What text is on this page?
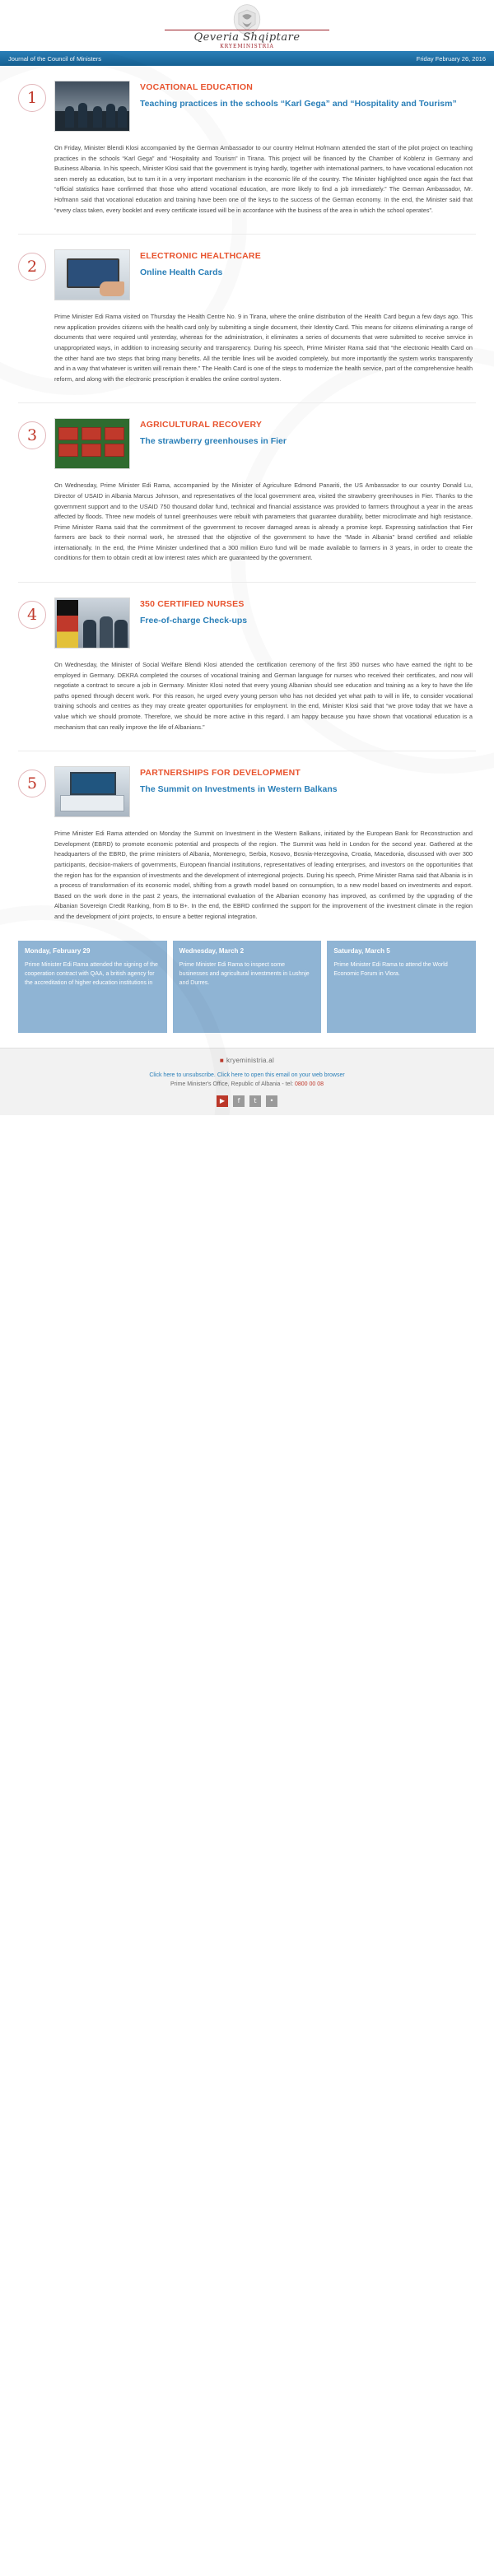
Qeveria Shqiptare
KRYEMINISTRIA
Journal of the Council of Ministers	Friday February 26, 2016
1
VOCATIONAL EDUCATION
Teaching practices in the schools “Karl Gega” and “Hospitality and Tourism”
On Friday, Minister Blendi Klosi accompanied by the German Ambassador to our country Helmut Hofmann attended the start of the pilot project on teaching practices in the schools “Karl Gega” and “Hospitality and Tourism” in Tirana. This project will be financed by the Chamber of Koblenz in Germany and Business Albania. In his speech, Minister Klosi said that the government is trying hardly, together with international partners, to have vocational education not seen merely as education, but to turn it in a very important mechanism in the economic life of the country. The Minister highlighted once again the fact that “official statistics have confirmed that those who attend vocational education, are more likely to find a job immediately.” The German Ambassador, Mr. Hofmann said that vocational education and training have been one of the keys to the success of the German economy. In the end, the Minister said that “every class taken, every booklet and every certificate issued will be in accordance with the business of the area in which the school operates”.
2
ELECTRONIC HEALTHCARE
Online Health Cards
Prime Minister Edi Rama visited on Thursday the Health Centre No. 9 in Tirana, where the online distribution of the Health Card begun a few days ago. This new application provides citizens with the health card only by submitting a single document, their Identity Card. This means for citizens eliminating a range of documents that were required until yesterday, whereas for the administration, it eliminates a series of documents that were submitted to receive service in unappropriated ways, in addition to increasing security and transparency. During his speech, Prime Minister Rama said that “the electronic Health Card on the other hand are two steps that bring many benefits. All the terrible lines will be avoided completely, but more importantly the system works transparently and in a way that whatever is written will remain there.” The Health Card is one of the steps to modernize the health service, part of the comprehensive health reform, and along with the electronic prescription it enables the online control system.
3
AGRICULTURAL RECOVERY
The strawberry greenhouses in Fier
On Wednesday, Prime Minister Edi Rama, accompanied by the Minister of Agriculture Edmond Panariti, the US Ambassador to our country Donald Lu, Director of USAID in Albania Marcus Johnson, and representatives of the local government area, visited the strawberry greenhouses in Fier. Thanks to the government support and to the USAID 750 thousand dollar fund, technical and financial assistance was provided to farmers throughout a year in the areas affected by floods. Three new models of tunnel greenhouses were rebuilt with parameters that guarantee durability, better microclimate and high resistance. Prime Minister Rama said that the commitment of the government to recover damaged areas is already a promise kept. Expressing satisfaction that Fier farmers are back to their normal work, he stressed that the objective of the government to have the “Made in Albania” brand certified and reliable internationally. In the end, the Prime Minister underlined that a 300 million Euro fund will be made available to farmers in 3 years, in order to create the conditions for them to obtain credit at low interest rates which are guaranteed by the government.
4
350 CERTIFIED NURSES
Free-of-charge Check-ups
On Wednesday, the Minister of Social Welfare Blendi Klosi attended the certification ceremony of the first 350 nurses who have earned the right to be employed in Germany. DEKRA completed the courses of vocational training and German language for nurses who received their certificates, and now will negotiate a contract to secure a job in Germany. Minister Klosi noted that every young Albanian should see education and training as a key to have the life paths opened through decent work. For this reason, he urged every young person who has not decided yet what path to will in life, to consider vocational training schools and centres as they may create greater opportunities for employment. In the end, Minister Klosi said that “we prove today that we have a value which we should promote. Therefore, we should be more active in this regard. I am happy because you have shown that vocational education is a mechanism that can really improve the life of Albanians.”
5
PARTNERSHIPS FOR DEVELOPMENT
The Summit on Investments in Western Balkans
Prime Minister Edi Rama attended on Monday the Summit on Investment in the Western Balkans, initiated by the European Bank for Reconstruction and Development (EBRD) to promote economic potential and prospects of the region. The Summit was held in London for the second year. Gathered at the headquarters of the EBRD, the prime ministers of Albania, Montenegro, Serbia, Kosovo, Bosnia-Herzegovina, Croatia, Macedonia, discussed with over 300 participants, decision-makers of governments, European financial institutions, representatives of leading enterprises, and investors on the opportunities that the region has for the expansion of investments and the development of interregional projects. During his speech, Prime Minister Rama said that Albania is in a process of transformation of its economic model, shifting from a growth model based on consumption, to a new model based on investments and export. Based on the work done in the past 2 years, the international evaluation of the Albanian economy has improved, as confirmed by the upgrading of the Albanian Sovereign Credit Ranking, from B to B+. In the end, the EBRD confirmed the support for the improvement of the investment climate in the region and the development of joint projects, to ensure a better regional integration.
Monday, February 29
Prime Minister Edi Rama attended the signing of the cooperation contract with QAA, a british agency for the accreditation of higher education institutions in
Wednesday, March 2
Prime Minister Edi Rama to inspect some businesses and agricultural investments in Lushnje and Durres.
Saturday, March 5
Prime Minister Edi Rama to attend the World Economic Forum in Vlora.
■ kryeministria.al
Click here to unsubscribe. Click here to open this email on your web browser
Prime Minister's Office, Republic of Albania - tel: 0800 00 08
▶	f	t	•
